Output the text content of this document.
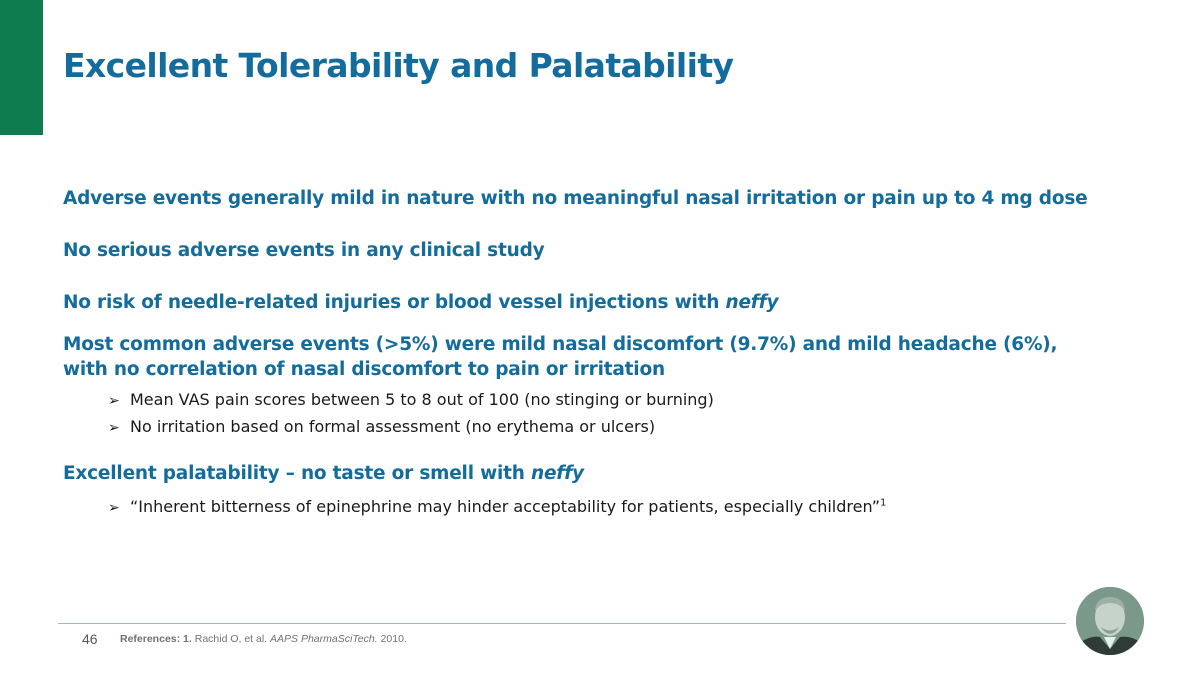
Excellent Tolerability and Palatability

Adverse events generally mild in nature with no meaningful nasal irritation or pain up to 4 mg dose

No serious adverse events in any clinical study

No risk of needle-related injuries or blood vessel injections with neffy

Most common adverse events (>5%) were mild nasal discomfort (9.7%) and mild headache (6%),
with no correlation of nasal discomfort to pain or irritation

➢ Mean VAS pain scores between 5 to 8 out of 100 (no stinging or burning)

➢ No irritation based on formal assessment (no erythema or ulcers)

Excellent palatability – no taste or smell with neffy

➢ “Inherent bitterness of epinephrine may hinder acceptability for patients, especially children”$^1$

46 References: 1. Rachid O, et al. AAPS PharmaSciTech. 2010.
